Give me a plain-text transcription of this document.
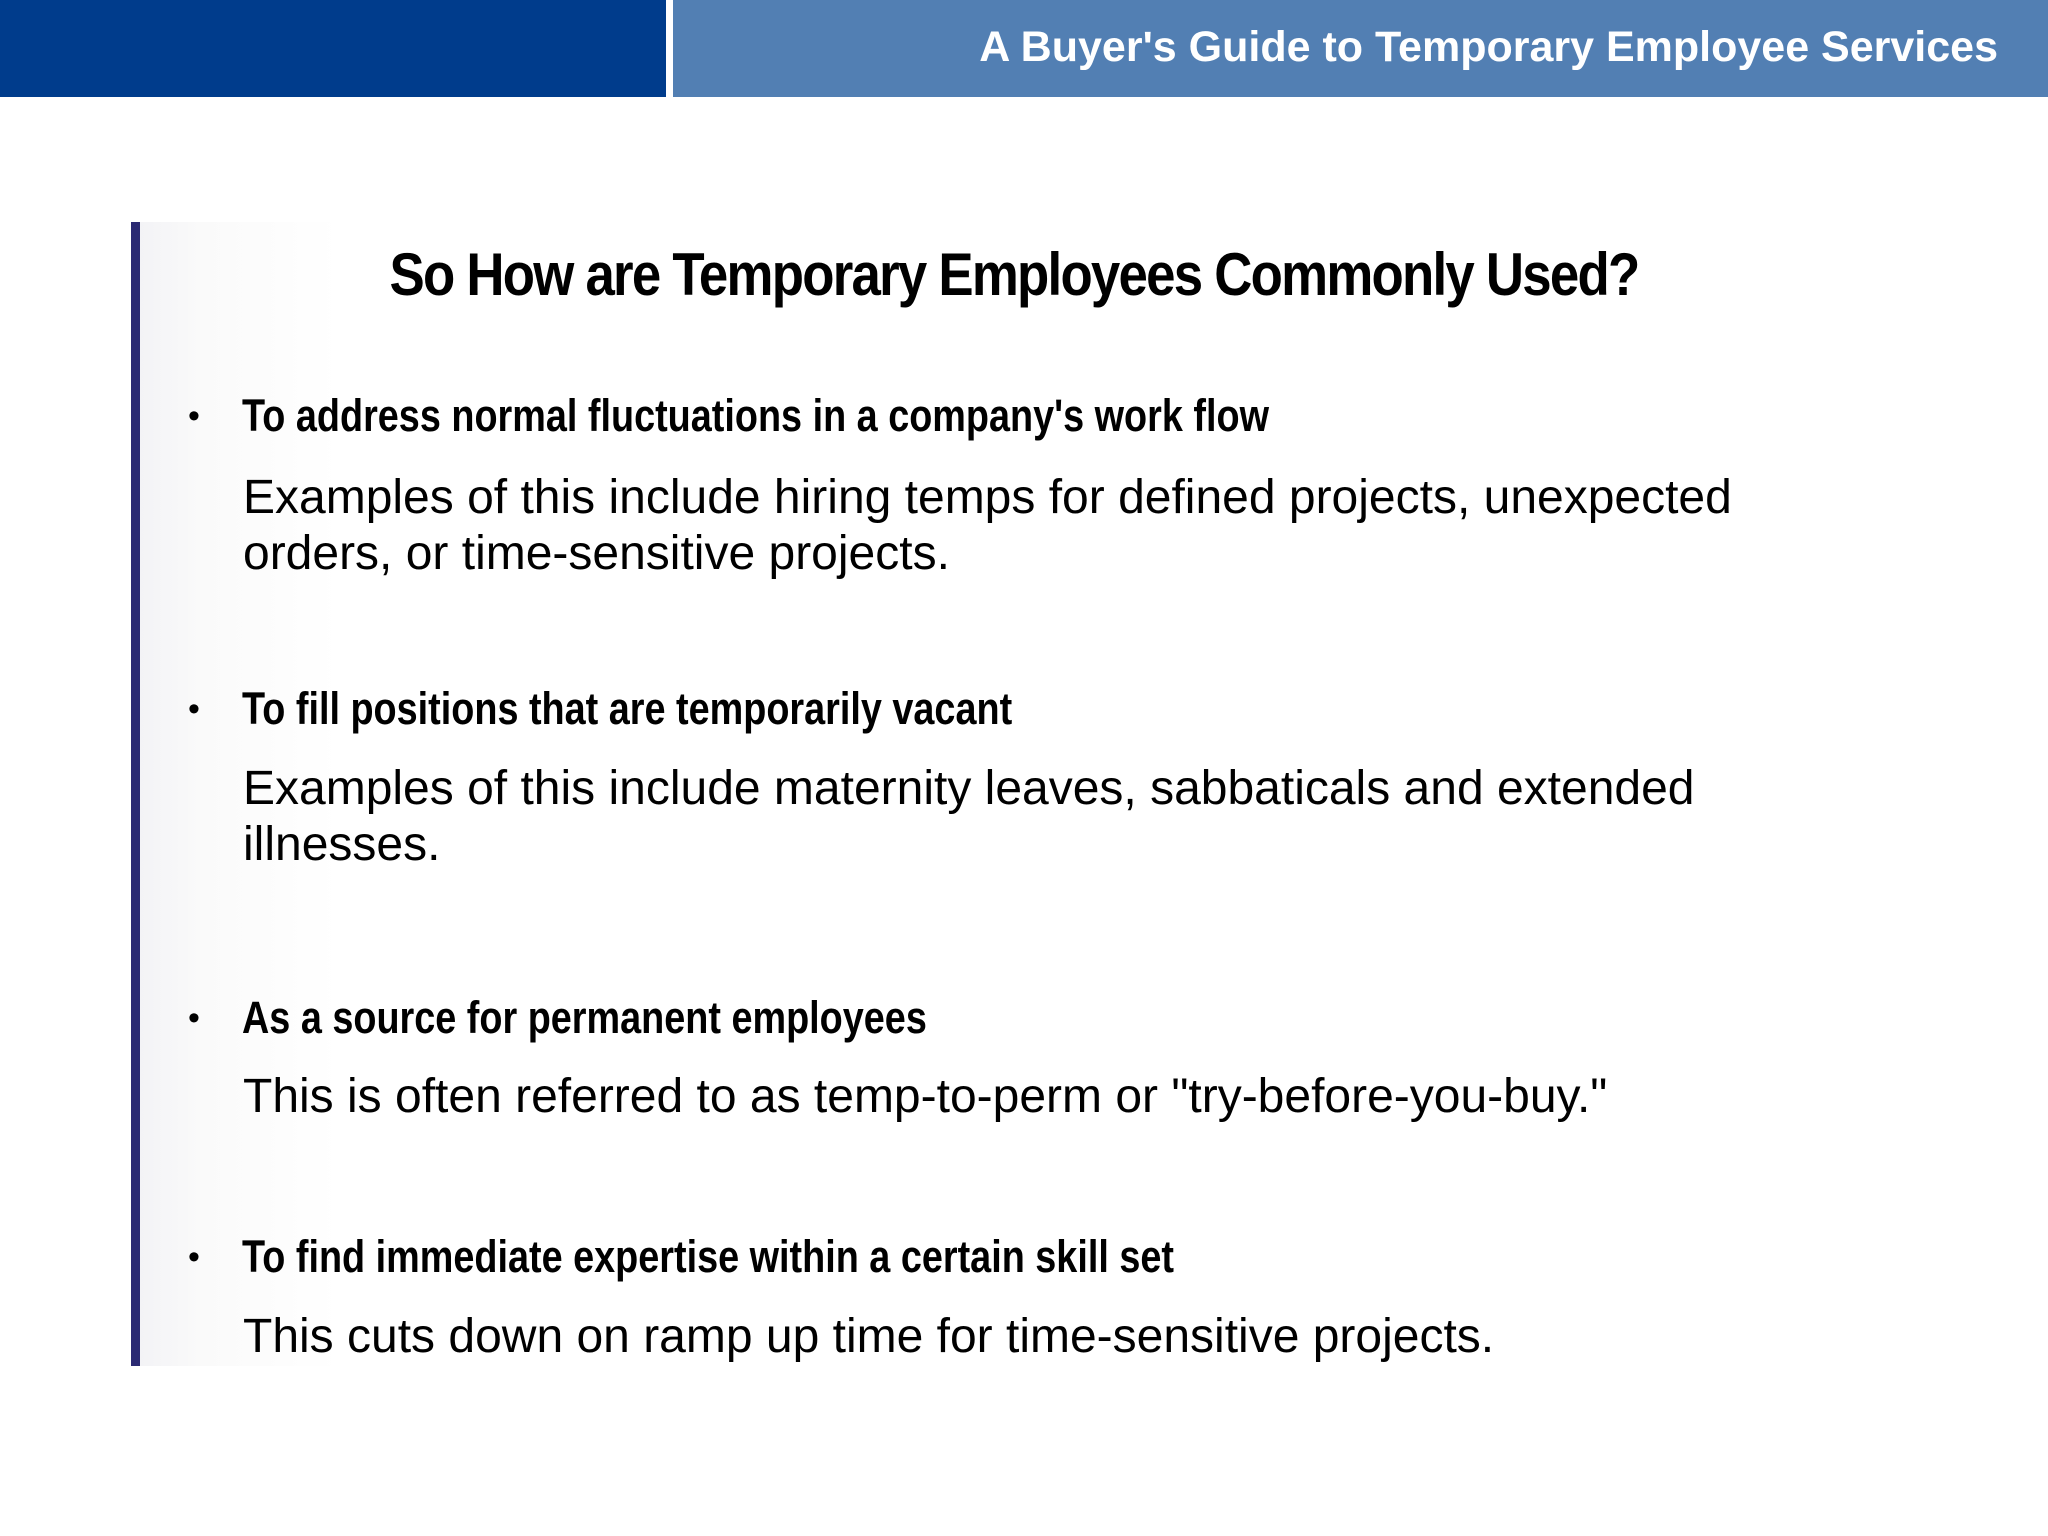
A Buyer's Guide to Temporary Employee Services
So How are Temporary Employees Commonly Used?
• To address normal fluctuations in a company's work flow
Examples of this include hiring temps for defined projects, unexpected orders, or time-sensitive projects.
• To fill positions that are temporarily vacant
Examples of this include maternity leaves, sabbaticals and extended illnesses.
• As a source for permanent employees
This is often referred to as temp-to-perm or "try-before-you-buy."
• To find immediate expertise within a certain skill set
This cuts down on ramp up time for time-sensitive projects.
